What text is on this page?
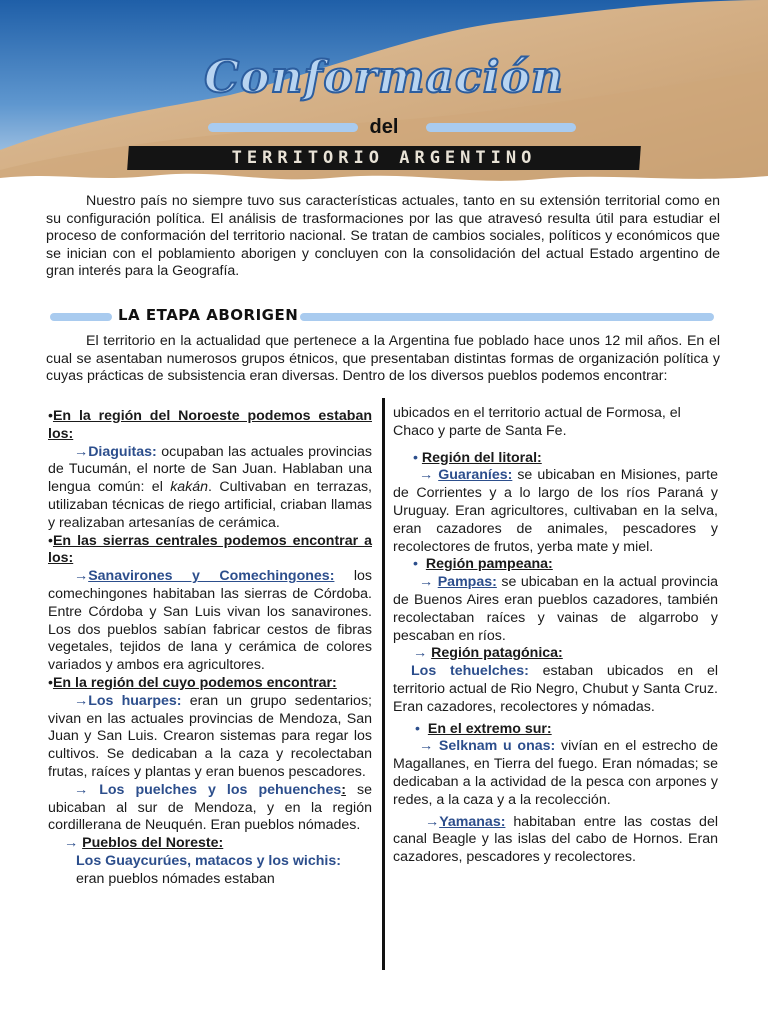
Conformación
del
TERRITORIO ARGENTINO

Nuestro país no siempre tuvo sus características actuales, tanto en su extensión territorial como en su configuración política. El análisis de trasformaciones por las que atravesó resulta útil para estudiar el proceso de conformación del territorio nacional. Se tratan de cambios sociales, políticos y económicos que se inician con el poblamiento aborigen y concluyen con la consolidación del actual Estado argentino de gran interés para la Geografía.

LA ETAPA ABORIGEN

El territorio en la actualidad que pertenece a la Argentina fue poblado hace unos 12 mil años. En el cual se asentaban numerosos grupos étnicos, que presentaban distintas formas de organización política y cuyas prácticas de subsistencia eran diversas. Dentro de los diversos pueblos podemos encontrar:

•En la región del Noroeste podemos estaban los:

→Diaguitas: ocupaban las actuales provincias de Tucumán, el norte de San Juan. Hablaban una lengua común: el kakán. Cultivaban en terrazas, utilizaban técnicas de riego artificial, criaban llamas y realizaban artesanías de cerámica.

•En las sierras centrales podemos encontrar a los:

→Sanavirones y Comechingones: los comechingones habitaban las sierras de Córdoba. Entre Córdoba y San Luis vivan los sanavirones. Los dos pueblos sabían fabricar cestos de fibras vegetales, tejidos de lana y cerámica de colores variados y ambos era agricultores.

•En la región del cuyo podemos encontrar:

→Los huarpes: eran un grupo sedentarios; vivan en las actuales provincias de Mendoza, San Juan y San Luis. Crearon sistemas para regar los cultivos. Se dedicaban a la caza y recolectaban frutas, raíces y plantas y eran buenos pescadores.

→ Los puelches y los pehuenches: se ubicaban al sur de Mendoza, y en la región cordillerana de Neuquén. Eran pueblos nómades.

→ Pueblos del Noreste:

Los Guaycurúes, matacos y los wichis: eran pueblos nómades estaban

ubicados en el territorio actual de Formosa, el Chaco y parte de Santa Fe.

• Región del litoral:

→ Guaraníes: se ubicaban en Misiones, parte de Corrientes y a lo largo de los ríos Paraná y Uruguay. Eran agricultores, cultivaban en la selva, eran cazadores de animales, pescadores y recolectores de frutos, yerba mate y miel.

•  Región pampeana:

→ Pampas: se ubicaban en la actual provincia de Buenos Aires eran pueblos cazadores, también recolectaban raíces y vainas de algarrobo y pescaban en ríos.

→ Región patagónica:

Los tehuelches: estaban ubicados en el territorio actual de Rio Negro, Chubut y Santa Cruz. Eran cazadores, recolectores y nómadas.

•  En el extremo sur:

→ Selknam u onas: vivían en el estrecho de Magallanes, en Tierra del fuego. Eran nómadas; se dedicaban a la actividad de la pesca con arpones y redes, a la caza y a la recolección.

→Yamanas: habitaban entre las costas del canal Beagle y las islas del cabo de Hornos. Eran cazadores, pescadores y recolectores.
